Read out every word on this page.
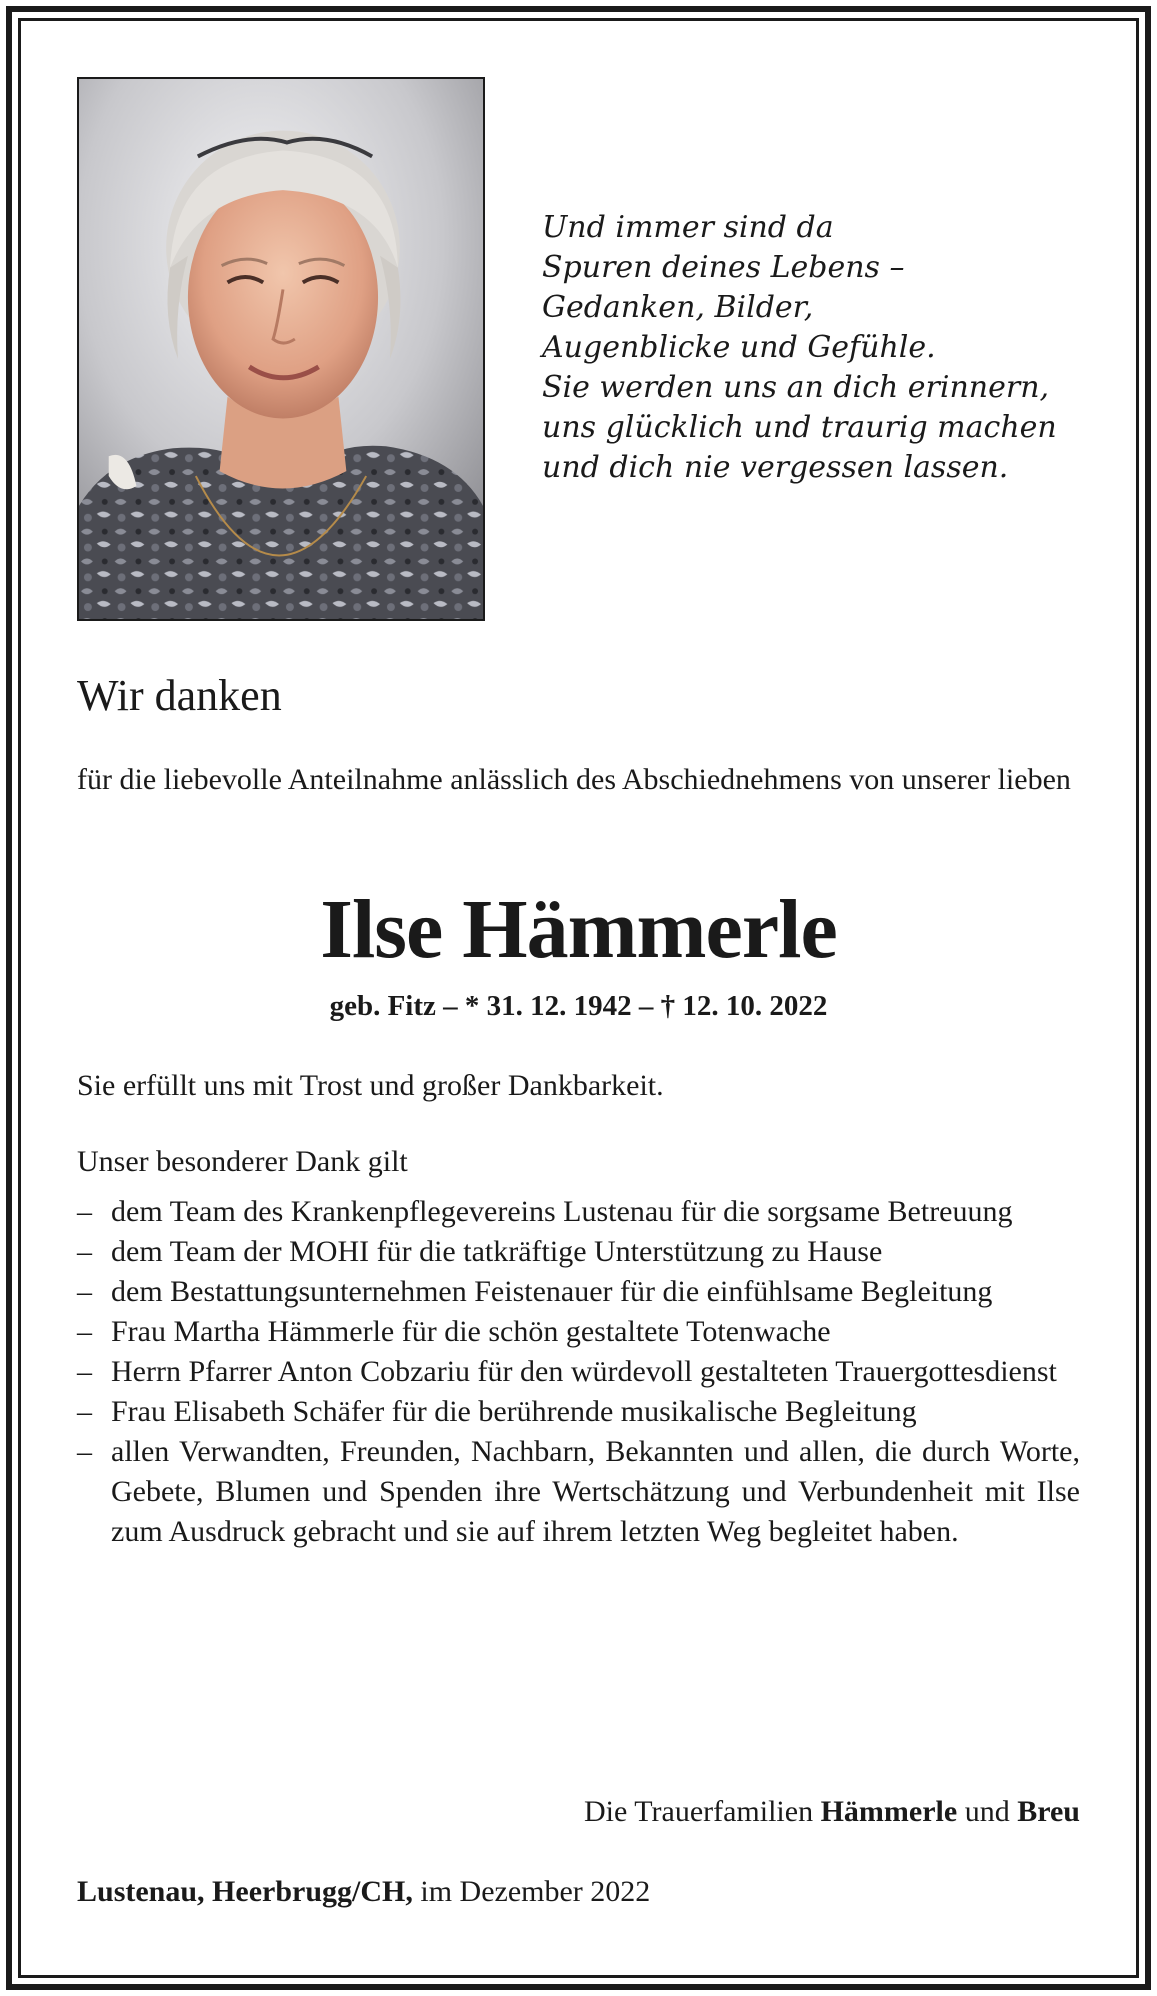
Und immer sind da
Spuren deines Lebens –
Gedanken, Bilder,
Augenblicke und Gefühle.
Sie werden uns an dich erinnern,
uns glücklich und traurig machen
und dich nie vergessen lassen.
Wir danken
für die liebevolle Anteilnahme anlässlich des Abschiednehmens von unserer lieben
Ilse Hämmerle
geb. Fitz – * 31. 12. 1942 – † 12. 10. 2022
Sie erfüllt uns mit Trost und großer Dankbarkeit.
Unser besonderer Dank gilt
– dem Team des Krankenpflegevereins Lustenau für die sorgsame Betreuung
– dem Team der MOHI für die tatkräftige Unterstützung zu Hause
– dem Bestattungsunternehmen Feistenauer für die einfühlsame Begleitung
– Frau Martha Hämmerle für die schön gestaltete Totenwache
– Herrn Pfarrer Anton Cobzariu für den würdevoll gestalteten Trauergottesdienst
– Frau Elisabeth Schäfer für die berührende musikalische Begleitung
– allen Verwandten, Freunden, Nachbarn, Bekannten und allen, die durch Worte, Gebete, Blumen und Spenden ihre Wertschätzung und Verbundenheit mit Ilse zum Ausdruck gebracht und sie auf ihrem letzten Weg begleitet haben.
Die Trauerfamilien Hämmerle und Breu
Lustenau, Heerbrugg/CH, im Dezember 2022
